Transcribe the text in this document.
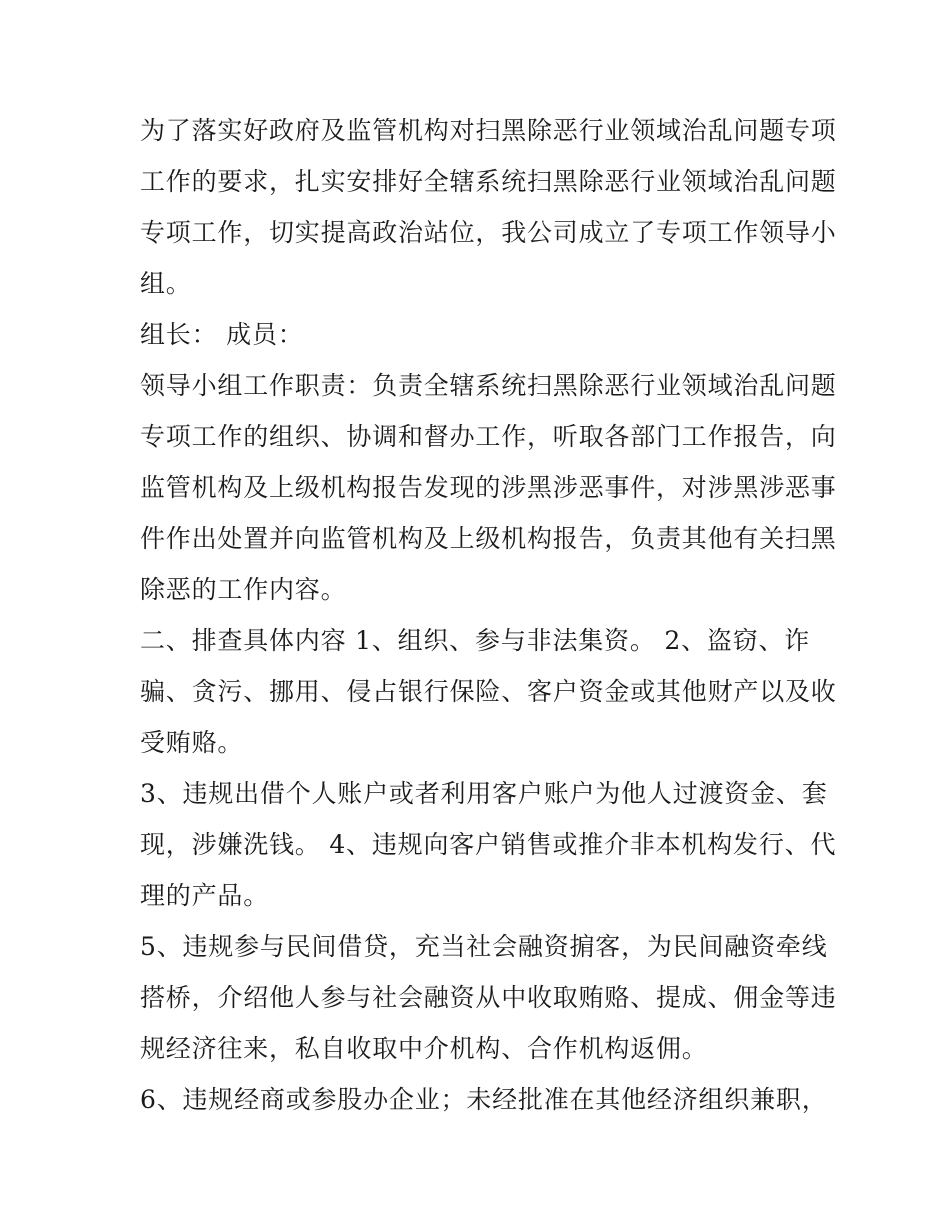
为了落实好政府及监管机构对扫黑除恶行业领域治乱问题专项
工作的要求，扎实安排好全辖系统扫黑除恶行业领域治乱问题
专项工作，切实提高政治站位，我公司成立了专项工作领导小
组。

组长： 成员：

领导小组工作职责：负责全辖系统扫黑除恶行业领域治乱问题
专项工作的组织、协调和督办工作，听取各部门工作报告，向
监管机构及上级机构报告发现的涉黑涉恶事件，对涉黑涉恶事
件作出处置并向监管机构及上级机构报告，负责其他有关扫黑
除恶的工作内容。

二、排查具体内容 1、组织、参与非法集资。 2、盗窃、诈
骗、贪污、挪用、侵占银行保险、客户资金或其他财产以及收
受贿赂。

3、违规出借个人账户或者利用客户账户为他人过渡资金、套
现，涉嫌洗钱。 4、违规向客户销售或推介非本机构发行、代
理的产品。

5、违规参与民间借贷，充当社会融资掮客，为民间融资牵线
搭桥，介绍他人参与社会融资从中收取贿赂、提成、佣金等违
规经济往来，私自收取中介机构、合作机构返佣。

6、违规经商或参股办企业；未经批准在其他经济组织兼职，
